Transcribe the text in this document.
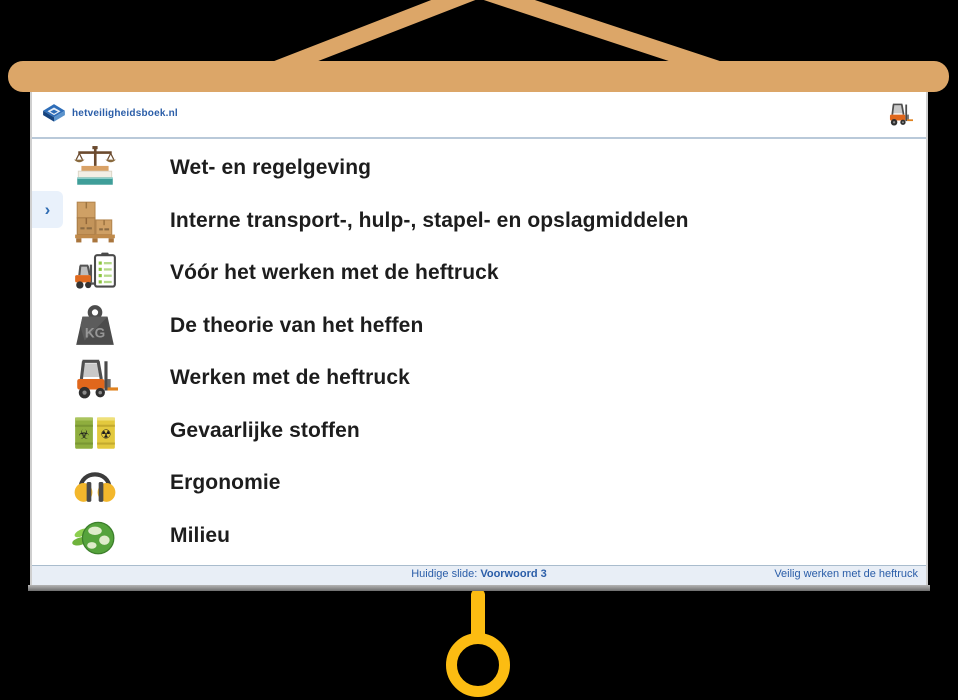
hetveiligheidsboek.nl
›
Wet- en regelgeving
Interne transport-, hulp-, stapel- en opslagmiddelen
Vóór het werken met de heftruck
KG	De theorie van het heffen
Werken met de heftruck
☣ ☢	Gevaarlijke stoffen
Ergonomie
Milieu
Huidige slide: Voorwoord 3	Veilig werken met de heftruck
